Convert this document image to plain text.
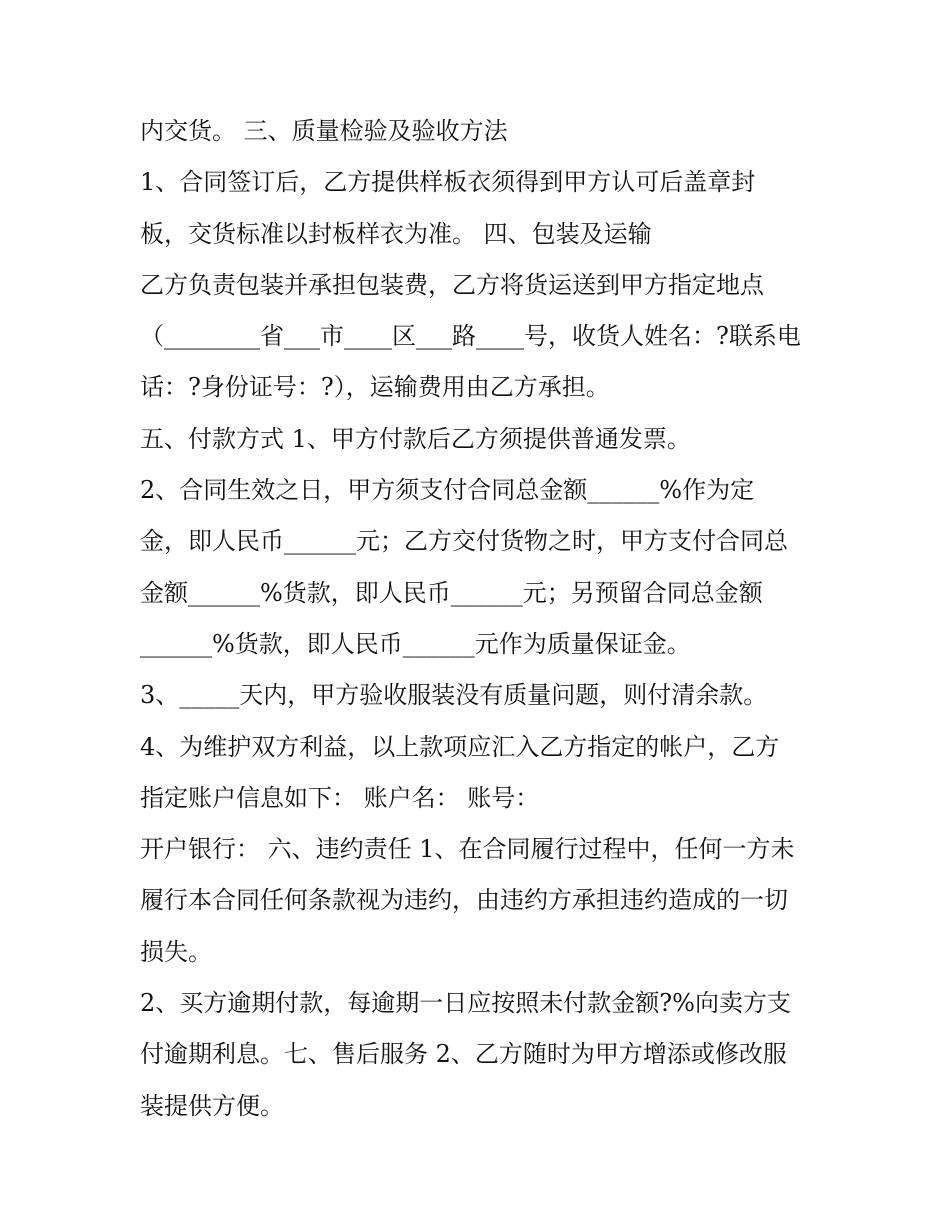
内交货。 三、质量检验及验收方法
1、合同签订后，乙方提供样板衣须得到甲方认可后盖章封
板，交货标准以封板样衣为准。 四、包装及运输
乙方负责包装并承担包装费，乙方将货运送到甲方指定地点
（________省___市____区___路____号，收货人姓名：?联系电
话：?身份证号：?），运输费用由乙方承担。
五、付款方式 1、甲方付款后乙方须提供普通发票。
2、合同生效之日，甲方须支付合同总金额______%作为定
金，即人民币______元；乙方交付货物之时，甲方支付合同总
金额______%货款，即人民币______元；另预留合同总金额
______%货款，即人民币______元作为质量保证金。
3、_____天内，甲方验收服装没有质量问题，则付清余款。
4、为维护双方利益，以上款项应汇入乙方指定的帐户，乙方
指定账户信息如下： 账户名： 账号：
开户银行： 六、违约责任 1、在合同履行过程中，任何一方未
履行本合同任何条款视为违约，由违约方承担违约造成的一切
损失。
2、买方逾期付款，每逾期一日应按照未付款金额?%向卖方支
付逾期利息。七、售后服务 2、乙方随时为甲方增添或修改服
装提供方便。
